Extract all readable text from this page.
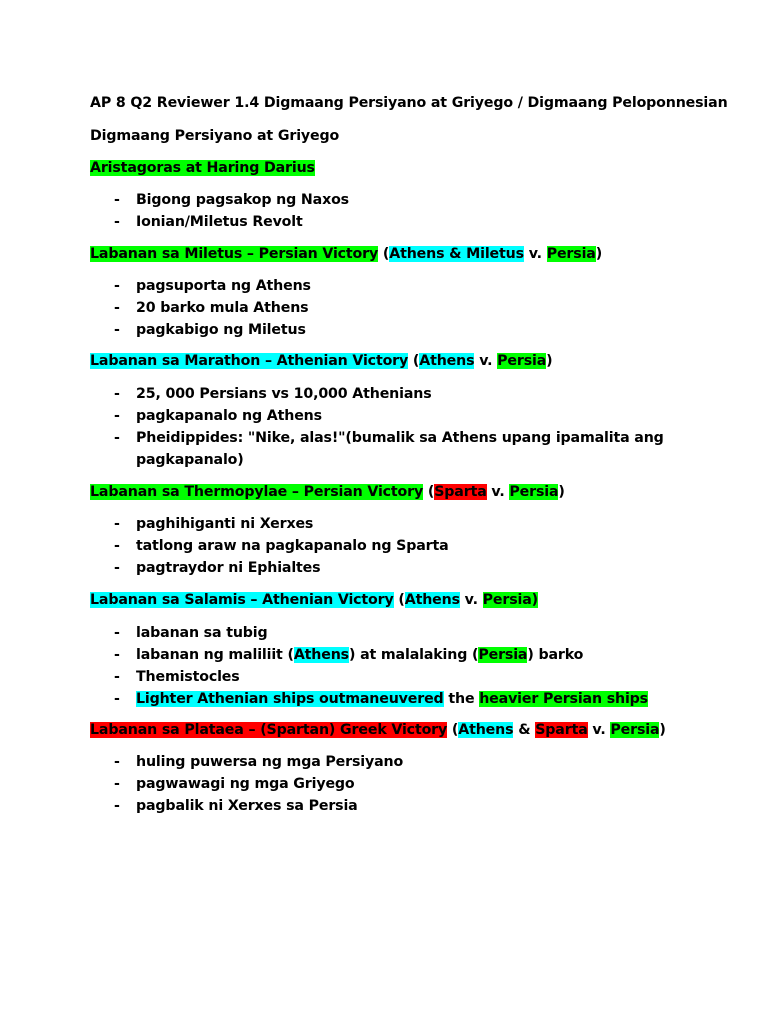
AP 8 Q2 Reviewer 1.4 Digmaang Persiyano at Griyego / Digmaang Peloponnesian
Digmaang Persiyano at Griyego
Aristagoras at Haring Darius
- Bigong pagsakop ng Naxos
- Ionian/Miletus Revolt
Labanan sa Miletus – Persian Victory (Athens & Miletus v. Persia)
- pagsuporta ng Athens
- 20 barko mula Athens
- pagkabigo ng Miletus
Labanan sa Marathon – Athenian Victory (Athens v. Persia)
- 25, 000 Persians vs 10,000 Athenians
- pagkapanalo ng Athens
- Pheidippides: "Nike, alas!"(bumalik sa Athens upang ipamalita ang
pagkapanalo)
Labanan sa Thermopylae – Persian Victory (Sparta v. Persia)
- paghihiganti ni Xerxes
- tatlong araw na pagkapanalo ng Sparta
- pagtraydor ni Ephialtes
Labanan sa Salamis – Athenian Victory (Athens v. Persia)
- labanan sa tubig
- labanan ng maliliit (Athens) at malalaking (Persia) barko
- Themistocles
- Lighter Athenian ships outmaneuvered the heavier Persian ships
Labanan sa Plataea – (Spartan) Greek Victory (Athens & Sparta v. Persia)
- huling puwersa ng mga Persiyano
- pagwawagi ng mga Griyego
- pagbalik ni Xerxes sa Persia
